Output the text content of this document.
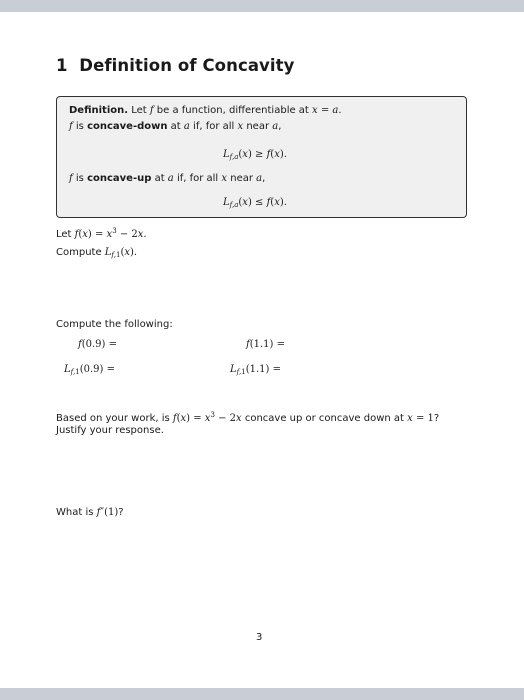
1 Definition of Concavity
Definition. Let f be a function, differentiable at x = a.
f is concave-down at a if, for all x near a,
$L_{f,a}(x) \ge f(x)$.
f is concave-up at a if, for all x near a,
$L_{f,a}(x) \le f(x)$.
Let $f(x) = x^3 - 2x$.
Compute $L_{f,1}(x)$.
Compute the following:
f(0.9) =	f(1.1) =
$L_{f,1}(0.9)$ =	$L_{f,1}(1.1)$ =
Based on your work, is $f(x) = x^3 - 2x$ concave up or concave down at x = 1?
Justify your response.
What is f″(1)?
3
